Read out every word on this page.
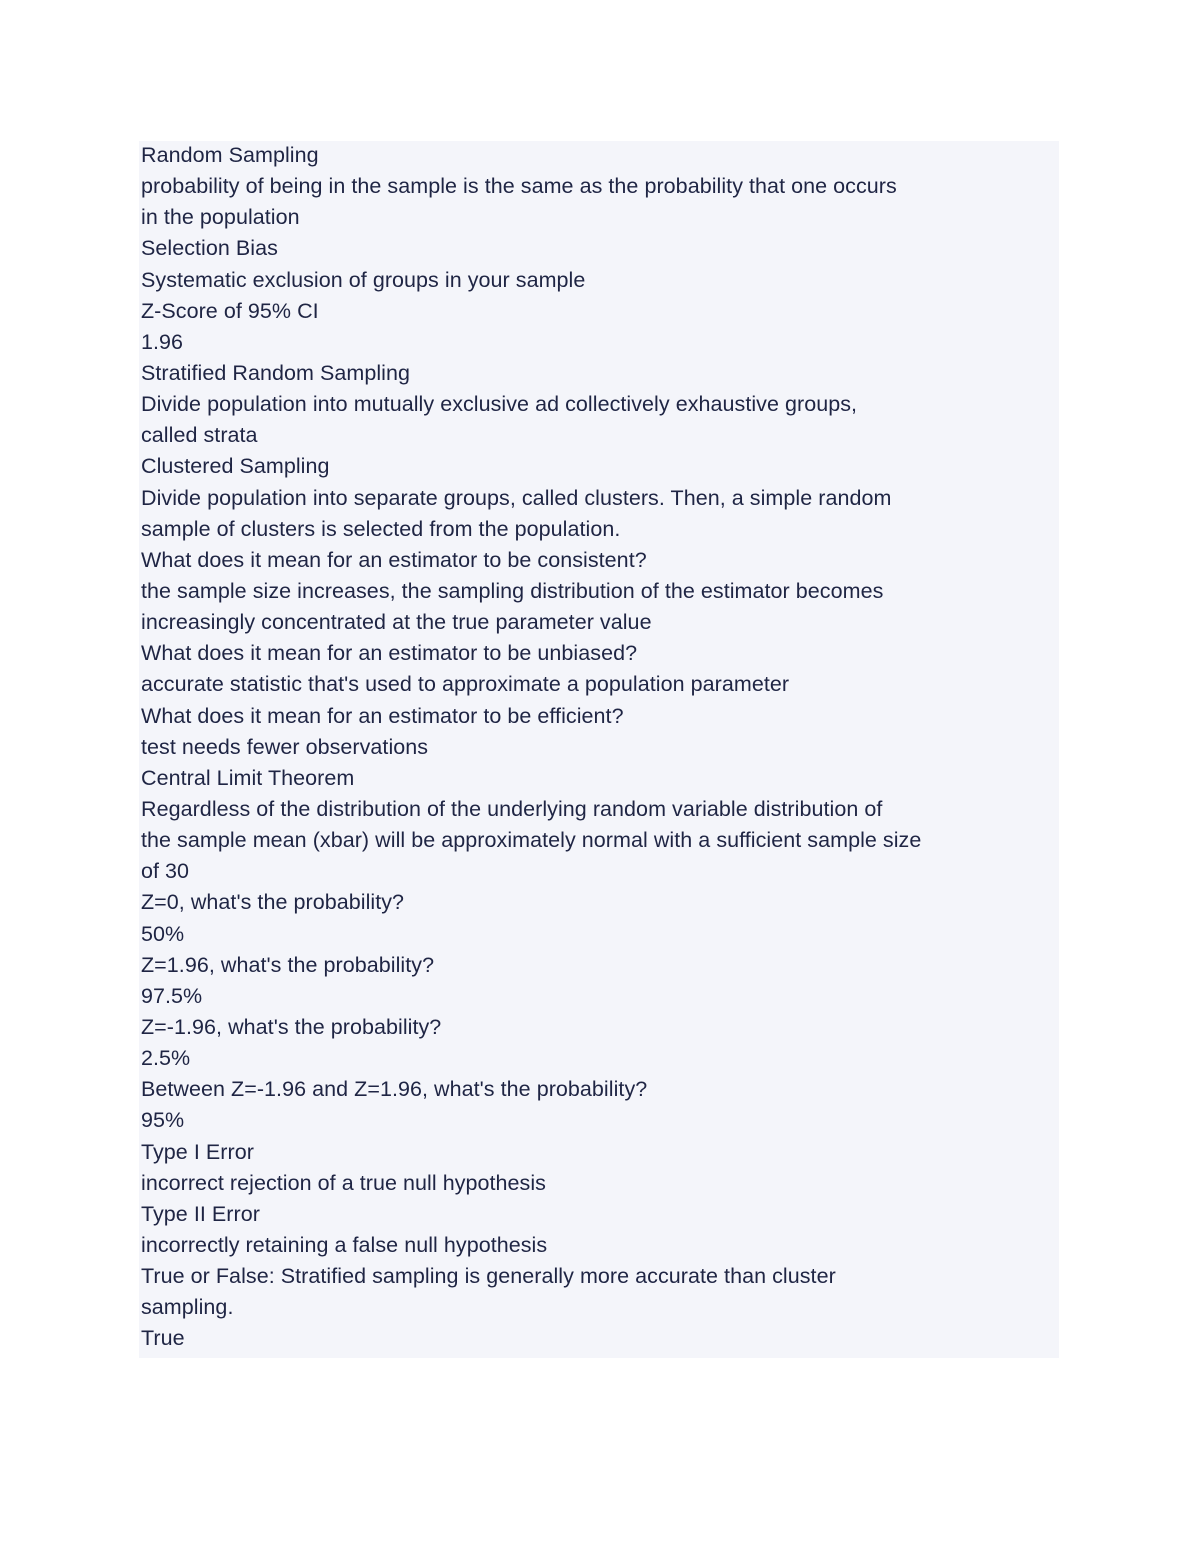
Random Sampling
probability of being in the sample is the same as the probability that one occurs
in the population
Selection Bias
Systematic exclusion of groups in your sample
Z-Score of 95% CI
1.96
Stratified Random Sampling
Divide population into mutually exclusive ad collectively exhaustive groups,
called strata
Clustered Sampling
Divide population into separate groups, called clusters. Then, a simple random
sample of clusters is selected from the population.
What does it mean for an estimator to be consistent?
the sample size increases, the sampling distribution of the estimator becomes
increasingly concentrated at the true parameter value
What does it mean for an estimator to be unbiased?
accurate statistic that's used to approximate a population parameter
What does it mean for an estimator to be efficient?
test needs fewer observations
Central Limit Theorem
Regardless of the distribution of the underlying random variable distribution of
the sample mean (xbar) will be approximately normal with a sufficient sample size
of 30
Z=0, what's the probability?
50%
Z=1.96, what's the probability?
97.5%
Z=-1.96, what's the probability?
2.5%
Between Z=-1.96 and Z=1.96, what's the probability?
95%
Type I Error
incorrect rejection of a true null hypothesis
Type II Error
incorrectly retaining a false null hypothesis
True or False: Stratified sampling is generally more accurate than cluster
sampling.
True
